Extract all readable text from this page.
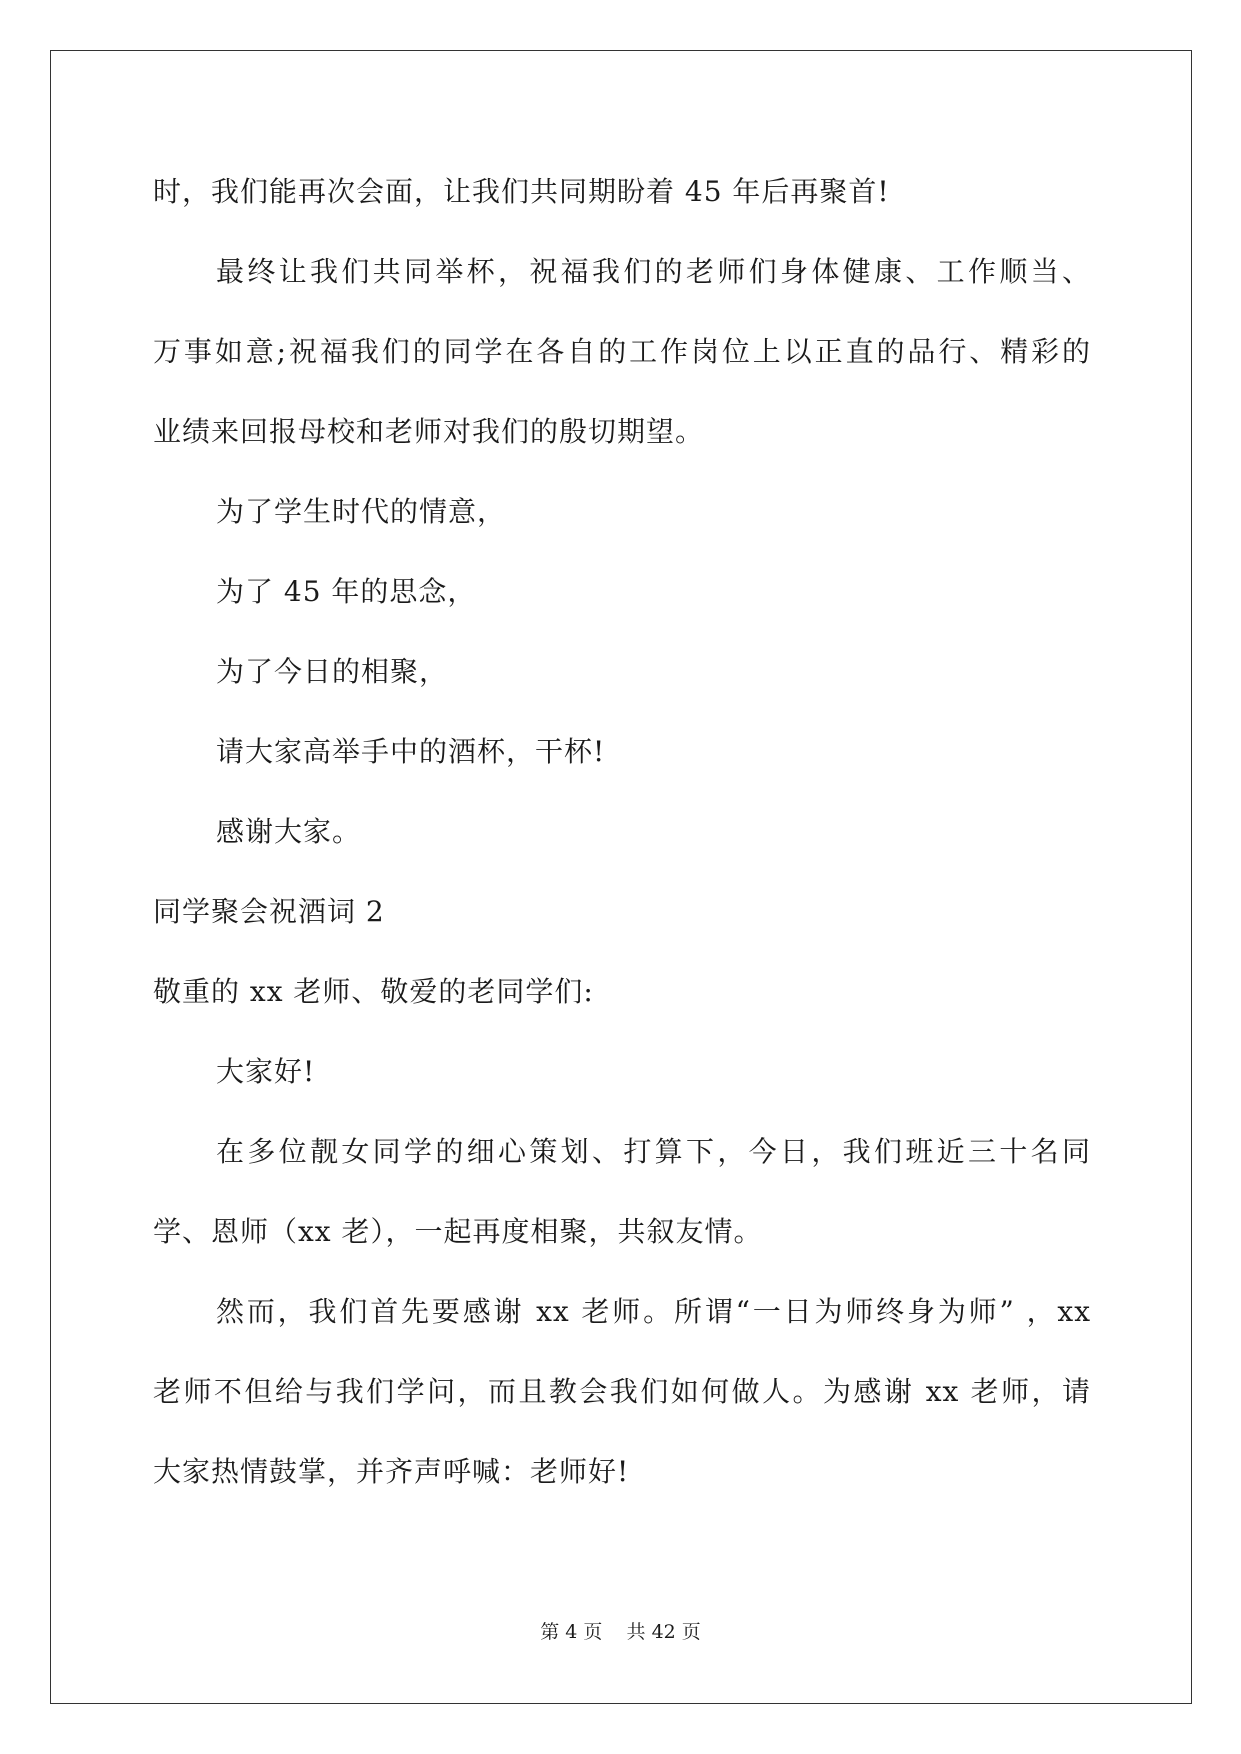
时，我们能再次会面，让我们共同期盼着 45 年后再聚首!
最终让我们共同举杯，祝福我们的老师们身体健康、工作顺当、
万事如意;祝福我们的同学在各自的工作岗位上以正直的品行、精彩的
业绩来回报母校和老师对我们的殷切期望。
为了学生时代的情意，
为了 45 年的思念，
为了今日的相聚，
请大家高举手中的酒杯，干杯!
感谢大家。
同学聚会祝酒词 2
敬重的 xx 老师、敬爱的老同学们:
大家好!
在多位靓女同学的细心策划、打算下，今日，我们班近三十名同
学、恩师（xx 老），一起再度相聚，共叙友情。
然而，我们首先要感谢 xx 老师。所谓“一日为师终身为师” ，xx
老师不但给与我们学问，而且教会我们如何做人。为感谢 xx 老师，请
大家热情鼓掌，并齐声呼喊：老师好!
第 4 页    共 42 页
